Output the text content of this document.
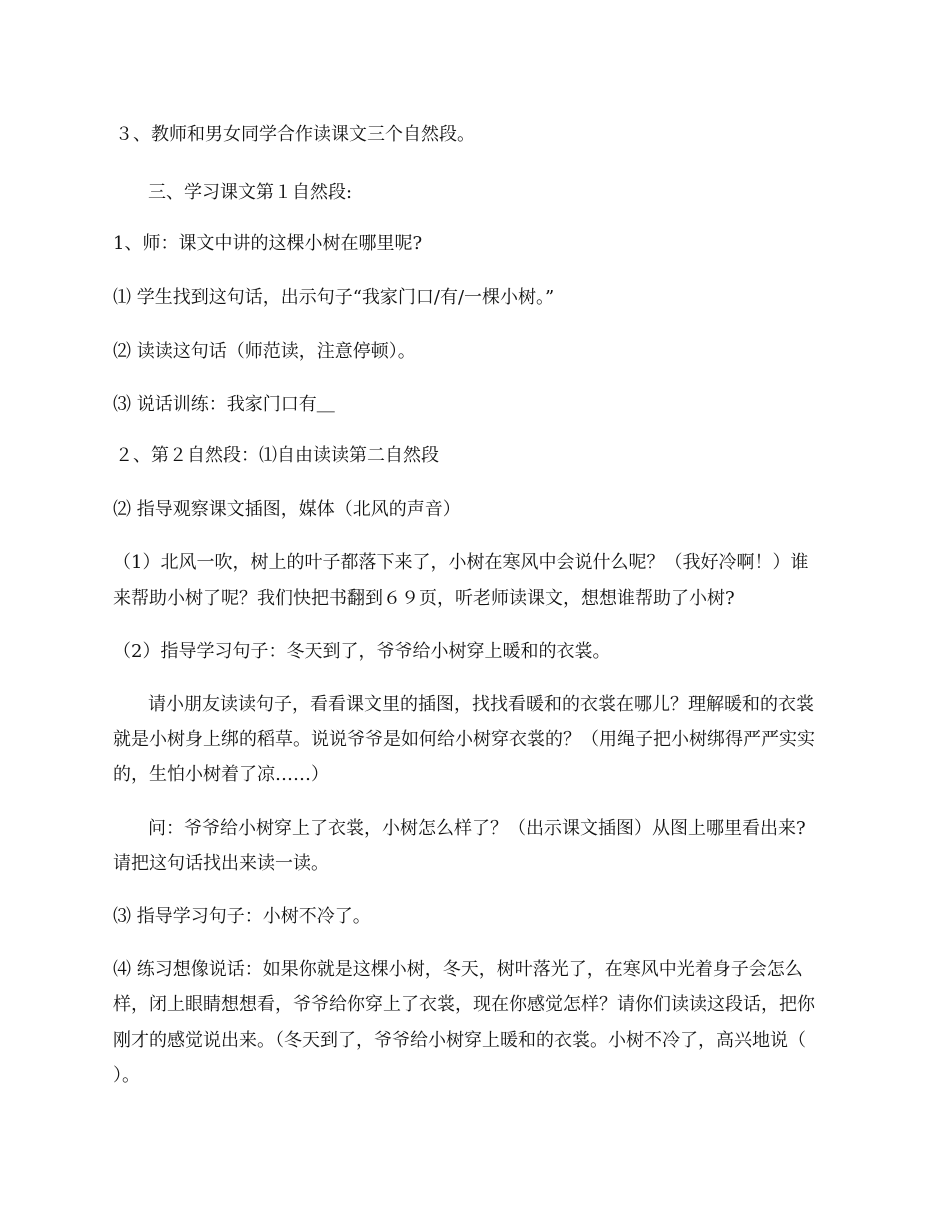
３、教师和男女同学合作读课文三个自然段。
三、学习课文第１自然段:
1、师：课文中讲的这棵小树在哪里呢?
⑴ 学生找到这句话，出示句子“我家门口/有/一棵小树。”
⑵ 读读这句话（师范读，注意停顿）。
⑶ 说话训练：我家门口有＿
２、第２自然段：⑴自由读读第二自然段
⑵ 指导观察课文插图，媒体（北风的声音）
（1）北风一吹，树上的叶子都落下来了，小树在寒风中会说什么呢？（我好冷啊！）谁
来帮助小树了呢？我们快把书翻到６９页，听老师读课文，想想谁帮助了小树?
（2）指导学习句子：冬天到了，爷爷给小树穿上暖和的衣裳。
请小朋友读读句子，看看课文里的插图，找找看暖和的衣裳在哪儿？理解暖和的衣裳
就是小树身上绑的稻草。说说爷爷是如何给小树穿衣裳的？（用绳子把小树绑得严严实实
的，生怕小树着了凉……）
问：爷爷给小树穿上了衣裳，小树怎么样了？（出示课文插图）从图上哪里看出来?
请把这句话找出来读一读。
⑶ 指导学习句子：小树不冷了。
⑷ 练习想像说话：如果你就是这棵小树，冬天，树叶落光了，在寒风中光着身子会怎么
样，闭上眼睛想想看，爷爷给你穿上了衣裳，现在你感觉怎样？请你们读读这段话，把你
刚才的感觉说出来。（冬天到了，爷爷给小树穿上暖和的衣裳。小树不冷了，高兴地说（
）。
